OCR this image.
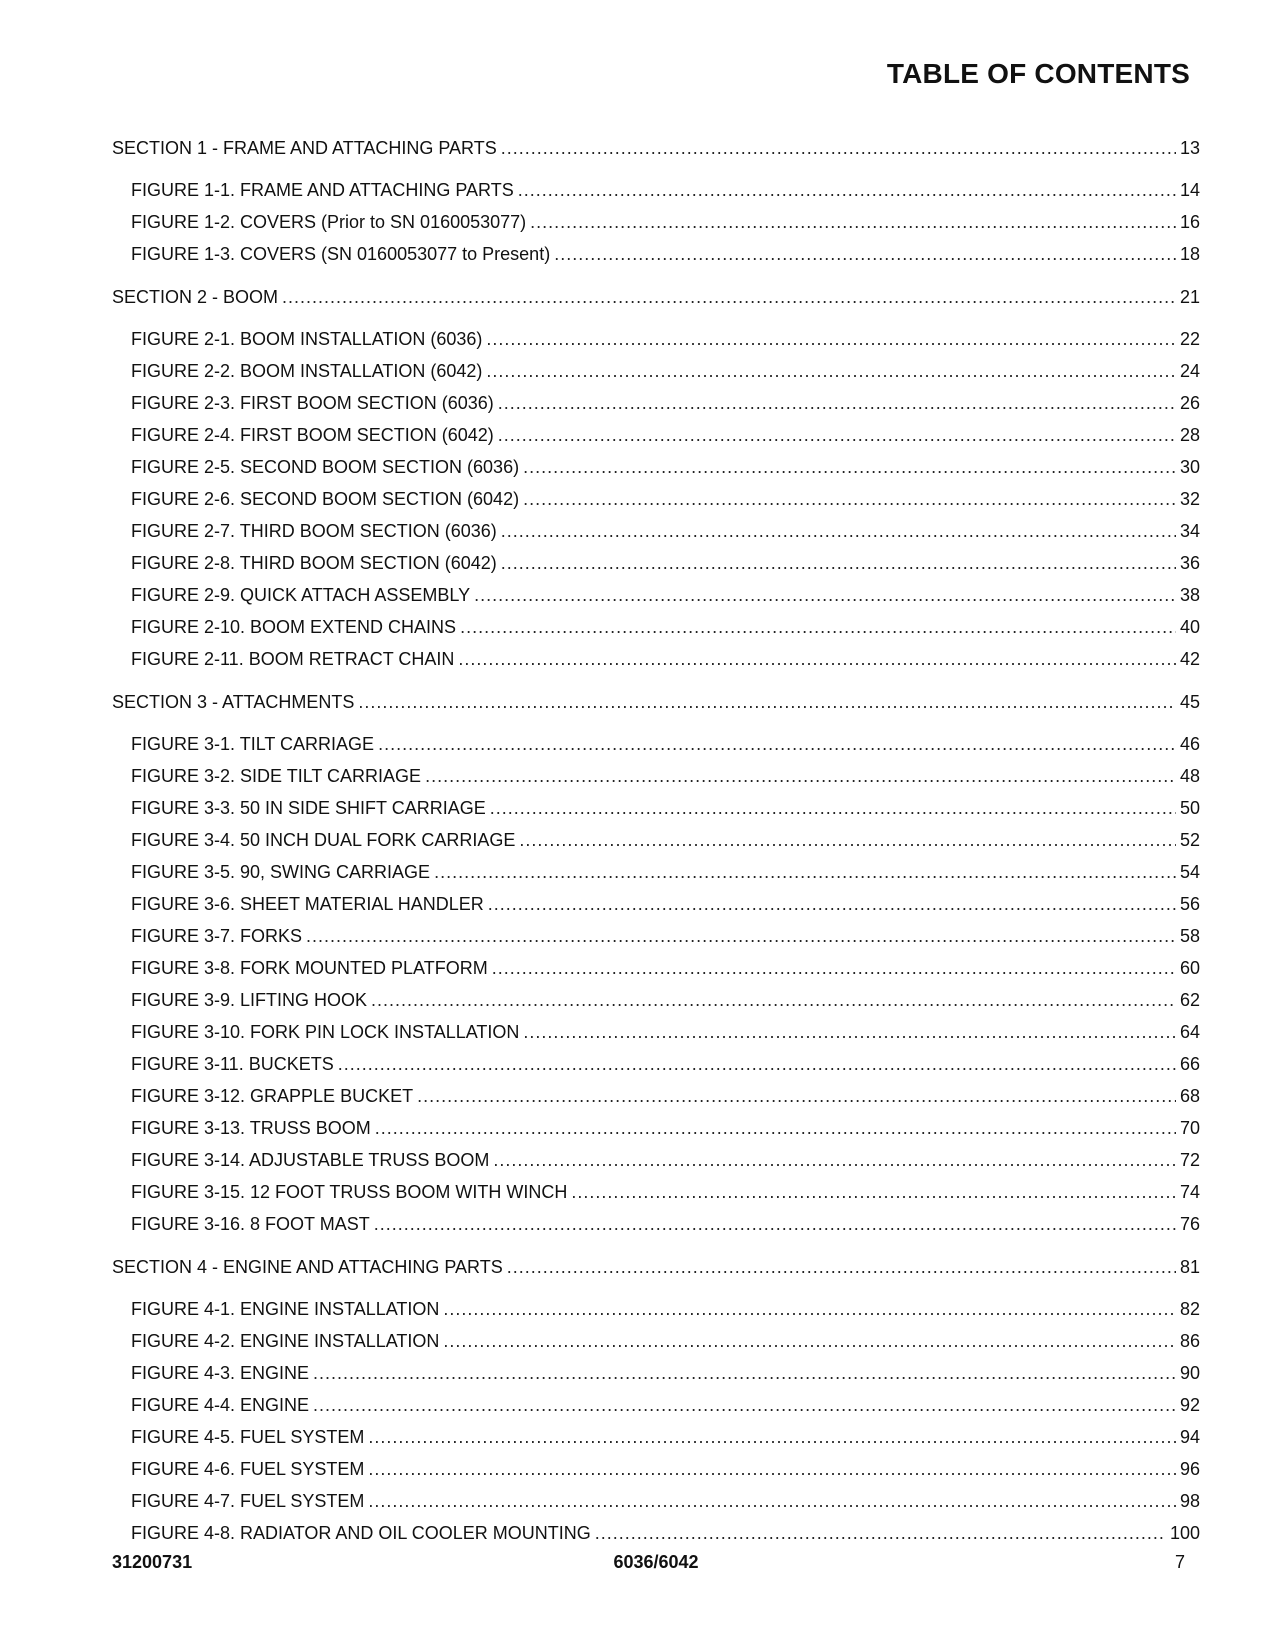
TABLE OF CONTENTS
SECTION 1 - FRAME AND ATTACHING PARTS .....	13
FIGURE 1-1. FRAME AND ATTACHING PARTS .....	14
FIGURE 1-2. COVERS (Prior to SN 0160053077) .....	16
FIGURE 1-3. COVERS (SN 0160053077 to Present) .....	18
SECTION 2 - BOOM .....	21
FIGURE 2-1. BOOM INSTALLATION (6036) .....	22
FIGURE 2-2. BOOM INSTALLATION (6042) .....	24
FIGURE 2-3. FIRST BOOM SECTION (6036) .....	26
FIGURE 2-4. FIRST BOOM SECTION (6042) .....	28
FIGURE 2-5. SECOND BOOM SECTION (6036) .....	30
FIGURE 2-6. SECOND BOOM SECTION (6042) .....	32
FIGURE 2-7. THIRD BOOM SECTION (6036) .....	34
FIGURE 2-8. THIRD BOOM SECTION (6042) .....	36
FIGURE 2-9. QUICK ATTACH ASSEMBLY .....	38
FIGURE 2-10. BOOM EXTEND CHAINS .....	40
FIGURE 2-11. BOOM RETRACT CHAIN .....	42
SECTION 3 - ATTACHMENTS .....	45
FIGURE 3-1. TILT CARRIAGE .....	46
FIGURE 3-2. SIDE TILT CARRIAGE .....	48
FIGURE 3-3. 50 IN SIDE SHIFT CARRIAGE .....	50
FIGURE 3-4. 50 INCH DUAL FORK CARRIAGE .....	52
FIGURE 3-5. 90, SWING CARRIAGE .....	54
FIGURE 3-6. SHEET MATERIAL HANDLER .....	56
FIGURE 3-7. FORKS .....	58
FIGURE 3-8. FORK MOUNTED PLATFORM .....	60
FIGURE 3-9. LIFTING HOOK .....	62
FIGURE 3-10. FORK PIN LOCK INSTALLATION .....	64
FIGURE 3-11. BUCKETS .....	66
FIGURE 3-12. GRAPPLE BUCKET .....	68
FIGURE 3-13. TRUSS BOOM .....	70
FIGURE 3-14. ADJUSTABLE TRUSS BOOM .....	72
FIGURE 3-15. 12 FOOT TRUSS BOOM WITH WINCH .....	74
FIGURE 3-16. 8 FOOT MAST .....	76
SECTION 4 - ENGINE AND ATTACHING PARTS .....	81
FIGURE 4-1. ENGINE INSTALLATION .....	82
FIGURE 4-2. ENGINE INSTALLATION .....	86
FIGURE 4-3. ENGINE .....	90
FIGURE 4-4. ENGINE .....	92
FIGURE 4-5. FUEL SYSTEM .....	94
FIGURE 4-6. FUEL SYSTEM .....	96
FIGURE 4-7. FUEL SYSTEM .....	98
FIGURE 4-8. RADIATOR AND OIL COOLER MOUNTING .....	100
31200731	6036/6042	7
